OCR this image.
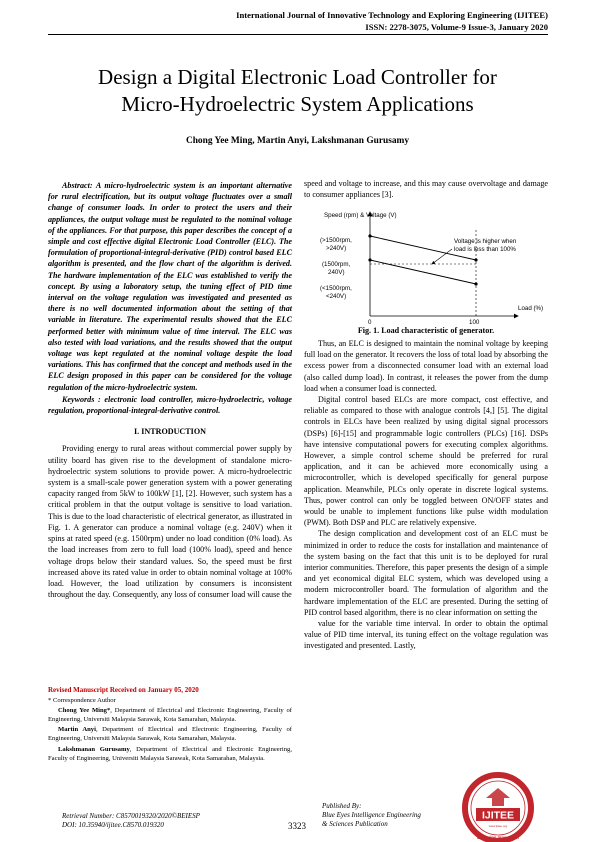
International Journal of Innovative Technology and Exploring Engineering (IJITEE)
ISSN: 2278-3075, Volume-9 Issue-3, January 2020
Design a Digital Electronic Load Controller for
Micro-Hydroelectric System Applications
Chong Yee Ming, Martin Anyi, Lakshmanan Gurusamy

Abstract: A micro-hydroelectric system is an important alternative for rural electrification, but its output voltage fluctuates over a small change of consumer loads. In order to protect the users and their appliances, the output voltage must be regulated to the nominal voltage of the appliances. For that purpose, this paper describes the concept of a simple and cost effective digital Electronic Load Controller (ELC). The formulation of proportional-integral-derivative (PID) control based ELC algorithm is presented, and the flow chart of the algorithm is derived. The hardware implementation of the ELC was established to verify the concept. By using a laboratory setup, the tuning effect of PID time interval on the voltage regulation was investigated and presented as there is no well documented information about the setting of that variable in literature. The experimental results showed that the ELC performed better with minimum value of time interval. The ELC was also tested with load variations, and the results showed that the output voltage was kept regulated at the nominal voltage despite the load variations. This has confirmed that the concept and methods used in the ELC design proposed in this paper can be considered for the voltage regulation of the micro-hydroelectric system.

Keywords : electronic load controller, micro-hydroelectric, voltage regulation, proportional-integral-derivative control.

I. INTRODUCTION

Providing energy to rural areas without commercial power supply by utility board has given rise to the development of standalone micro-hydroelectric system solutions to provide power. A micro-hydroelectric system is a small-scale power generation system with a power generating capacity ranged from 5kW to 100kW [1], [2]. However, such system has a critical problem in that the output voltage is sensitive to load variation. This is due to the load characteristic of electrical generator, as illustrated in Fig. 1. A generator can produce a nominal voltage (e.g. 240V) when it spins at rated speed (e.g. 1500rpm) under no load condition (0% load). As the load increases from zero to full load (100% load), speed and hence voltage drops below their standard values. So, the speed must be first increased above its rated value in order to obtain nominal voltage at 100% load. However, the load utilization by consumers is inconsistent throughout the day. Consequently, any loss of consumer load will cause the

Revised Manuscript Received on January 05, 2020

* Correspondence Author

Chong Yee Ming*, Department of Electrical and Electronic Engineering, Faculty of Engineering, Universiti Malaysia Sarawak, Kota Samarahan, Malaysia.

Martin Anyi, Department of Electrical and Electronic Engineering, Faculty of Engineering, Universiti Malaysia Sarawak, Kota Samarahan, Malaysia.

Lakshmanan Gurusamy, Department of Electrical and Electronic Engineering, Faculty of Engineering, Universiti Malaysia Sarawak, Kota Samarahan, Malaysia.

speed and voltage to increase, and this may cause overvoltage and damage to consumer appliances [3].

Speed (rpm) & Voltage (V)
Load (%)
0	100
(>1500rpm, >240V)
(1500rpm, 240V)
(<1500rpm, <240V)
Voltage is higher when load is less than 100%
Fig. 1. Load characteristic of generator.

Thus, an ELC is designed to maintain the nominal voltage by keeping full load on the generator. It recovers the loss of total load by absorbing the excess power from a disconnected consumer load with an external load (also called dump load). In contrast, it releases the power from the dump load when a consumer load is connected.

Digital control based ELCs are more compact, cost effective, and reliable as compared to those with analogue controls [4,] [5]. The digital controls in ELCs have been realized by using digital signal processors (DSPs) [6]-[15] and programmable logic controllers (PLCs) [16]. DSPs have intensive computational powers for executing complex algorithms. However, a simple control scheme should be preferred for rural application, and it can be achieved more economically using a microcontroller, which is developed specifically for general purpose application. Meanwhile, PLCs only operate in discrete logical systems. Thus, power control can only be toggled between ON/OFF states and would be unable to implement functions like pulse width modulation (PWM). Both DSP and PLC are relatively expensive.

The design complication and development cost of an ELC must be minimized in order to reduce the costs for installation and maintenance of the system basing on the fact that this unit is to be deployed for rural interior communities. Therefore, this paper presents the design of a simple and yet economical digital ELC system, which was developed using a modern microcontroller board. The formulation of algorithm and the hardware implementation of the ELC are presented. During the setting of PID control based algorithm, there is no clear information on setting the

value for the variable time interval. In order to obtain the optimal value of PID time interval, its tuning effect on the voltage regulation was investigated and presented. Lastly,

Retrieval Number: C8570019320/2020©BEIESP
DOI: 10.35940/ijitee.C8570.019320	3323
Published By:
Blue Eyes Intelligence Engineering
& Sciences Publication
IJITEE
www.ijitee.org
Exploring Innovation
